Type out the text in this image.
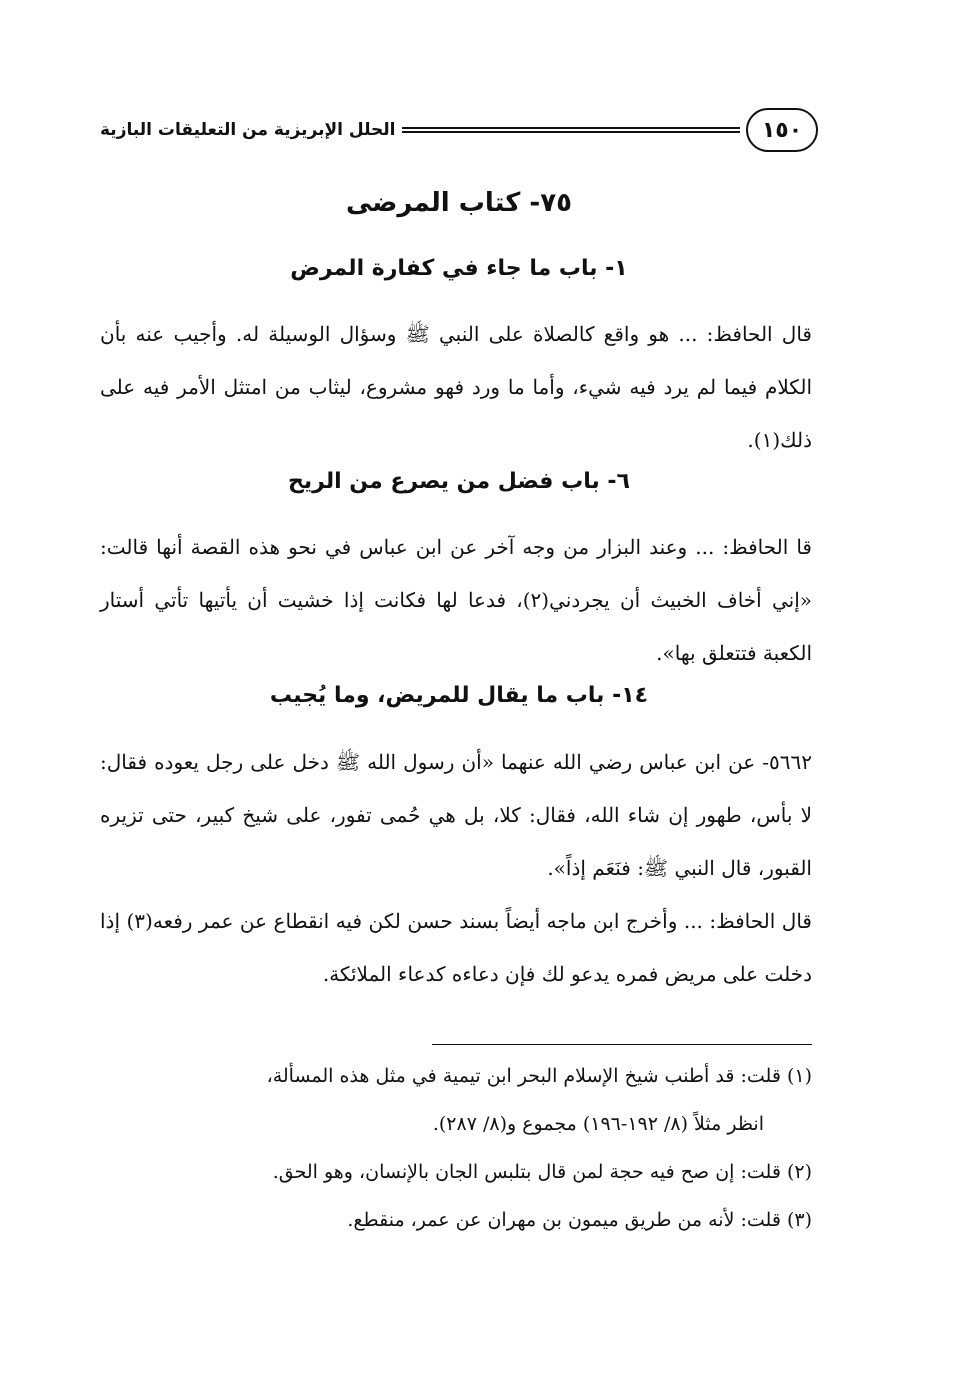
الحلل الإبريزية من التعليقات البازية	١٥٠
٧٥- كتاب المرضى
١- باب ما جاء في كفارة المرض
قال الحافظ: ... هو واقع كالصلاة على النبي ﷺ وسؤال الوسيلة له. وأجيب عنه بأن الكلام فيما لم يرد فيه شيء، وأما ما ورد فهو مشروع، ليثاب من امتثل الأمر فيه على ذلك(١).
٦- باب فضل من يصرع من الريح
قا الحافظ: ... وعند البزار من وجه آخر عن ابن عباس في نحو هذه القصة أنها قالت: «إني أخاف الخبيث أن يجردني(٢)، فدعا لها فكانت إذا خشيت أن يأتيها تأتي أستار الكعبة فتتعلق بها».
١٤- باب ما يقال للمريض، وما يُجيب
٥٦٦٢- عن ابن عباس رضي الله عنهما «أن رسول الله ﷺ دخل على رجل يعوده فقال: لا بأس، طهور إن شاء الله، فقال: كلا، بل هي حُمى تفور، على شيخ كبير، حتى تزيره القبور، قال النبي ﷺ: فنَعَم إذاً».
قال الحافظ: ... وأخرج ابن ماجه أيضاً بسند حسن لكن فيه انقطاع عن عمر رفعه(٣) إذا دخلت على مريض فمره يدعو لك فإن دعاءه كدعاء الملائكة.

(١) قلت: قد أطنب شيخ الإسلام البحر ابن تيمية في مثل هذه المسألة،

انظر مثلاً (٨/ ١٩٢-١٩٦) مجموع و(٨/ ٢٨٧).

(٢) قلت: إن صح فيه حجة لمن قال بتلبس الجان بالإنسان، وهو الحق.

(٣) قلت: لأنه من طريق ميمون بن مهران عن عمر، منقطع.
